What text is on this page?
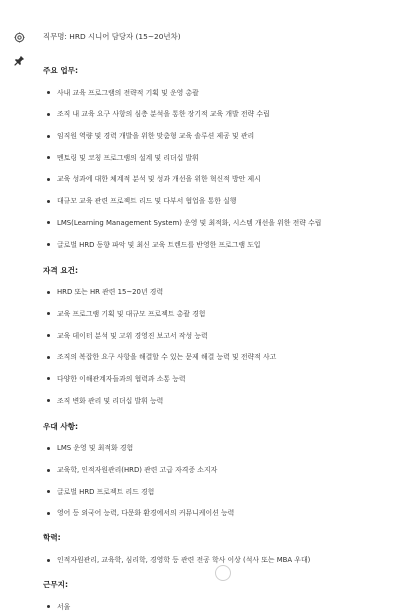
직무명: HRD 시니어 담당자 (15~20년차)
주요 업무:
사내 교육 프로그램의 전략적 기획 및 운영 총괄
조직 내 교육 요구 사항의 심층 분석을 통한 장기적 교육 개발 전략 수립
임직원 역량 및 경력 개발을 위한 맞춤형 교육 솔루션 제공 및 관리
멘토링 및 코칭 프로그램의 설계 및 리더십 발휘
교육 성과에 대한 체계적 분석 및 성과 개선을 위한 혁신적 방안 제시
대규모 교육 관련 프로젝트 리드 및 다부서 협업을 통한 실행
LMS(Learning Management System) 운영 및 최적화, 시스템 개선을 위한 전략 수립
글로벌 HRD 동향 파악 및 최신 교육 트렌드를 반영한 프로그램 도입
자격 요건:
HRD 또는 HR 관련 15~20년 경력
교육 프로그램 기획 및 대규모 프로젝트 총괄 경험
교육 데이터 분석 및 고위 경영진 보고서 작성 능력
조직의 복잡한 요구 사항을 해결할 수 있는 문제 해결 능력 및 전략적 사고
다양한 이해관계자들과의 협력과 소통 능력
조직 변화 관리 및 리더십 발휘 능력
우대 사항:
LMS 운영 및 최적화 경험
교육학, 인적자원관리(HRD) 관련 고급 자격증 소지자
글로벌 HRD 프로젝트 리드 경험
영어 등 외국어 능력, 다문화 환경에서의 커뮤니케이션 능력
학력:
인적자원관리, 교육학, 심리학, 경영학 등 관련 전공 학사 이상 (석사 또는 MBA 우대)
근무지:
서울
